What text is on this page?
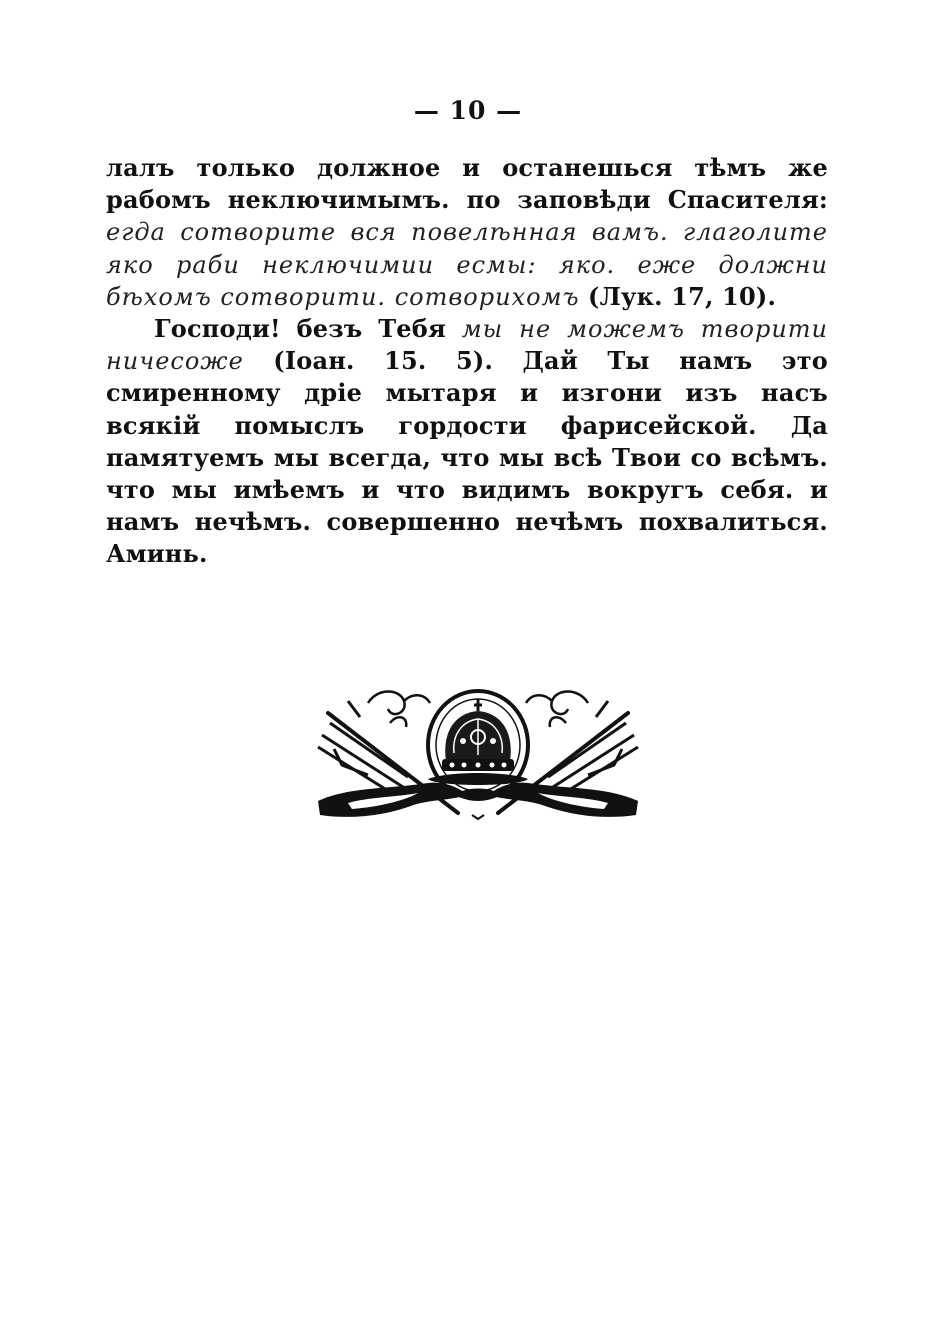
— 10 —

лалъ только должное и останешься тѣмъ же рабомъ неключимымъ. по заповѣди Спасителя: егда сотворите вся повелѣнная вамъ. глаголите яко раби неключимии есмы: яко. еже должни бѣхомъ сотворити. сотворихомъ (Лук. 17, 10).

Господи! безъ Тебя мы не можемъ творити ничесоже (Іоан. 15. 5). Дай Ты намъ это смиренному дріе мытаря и изгони изъ насъ всякій помыслъ гордости фарисейской. Да памятуемъ мы всегда, что мы всѣ Твои со всѣмъ. что мы имѣемъ и что видимъ вокругъ себя. и намъ нечѣмъ. совершенно нечѣмъ похвалиться. Аминь.
